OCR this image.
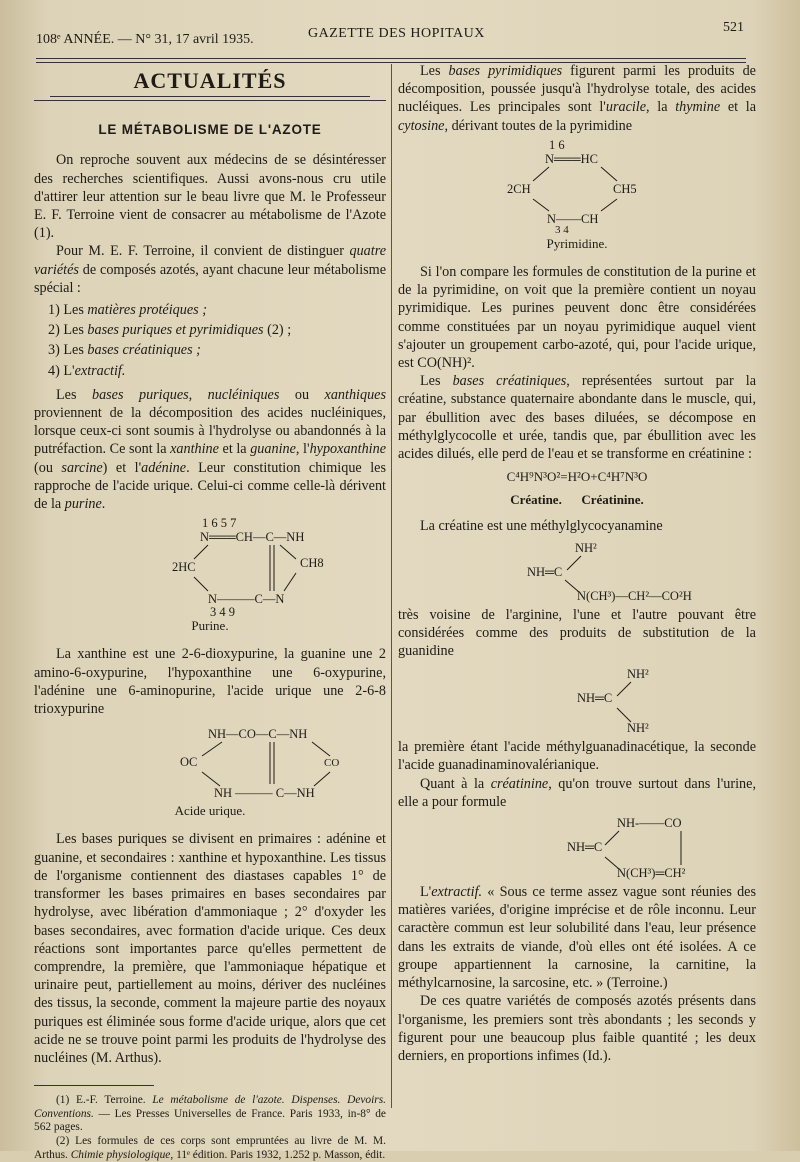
108ᵉ ANNÉE. — N° 31, 17 avril 1935.	GAZETTE DES HOPITAUX	521
ACTUALITÉS
LE MÉTABOLISME DE L'AZOTE

On reproche souvent aux médecins de se désintéresser des recherches scientifiques. Aussi avons-nous cru utile d'attirer leur attention sur le beau livre que M. le Professeur E. F. Terroine vient de consacrer au métabolisme de l'Azote (1).

Pour M. E. F. Terroine, il convient de distinguer quatre variétés de composés azotés, ayant chacune leur métabolisme spécial :

1) Les matières protéiques ;
2) Les bases puriques et pyrimidiques (2) ;
3) Les bases créatiniques ;
4) L'extractif.

Les bases puriques, nucléiniques ou xanthiques proviennent de la décomposition des acides nucléiniques, lorsque ceux-ci sont soumis à l'hydrolyse ou abandonnés à la putréfaction. Ce sont la xanthine et la guanine, l'hypoxanthine (ou sarcine) et l'adénine. Leur constitution chimique les rapproche de l'acide urique. Celui-ci comme celle-là dérivent de la purine.

1 6 5 7
N═══CH—C—NH
2HC	CH8
N———C—N
3 4 9
Purine.

La xanthine est une 2-6-dioxypurine, la guanine une 2 amino-6-oxypurine, l'hypoxanthine une 6-oxypurine, l'adénine une 6-aminopurine, l'acide urique une 2-6-8 trioxypurine

NH—CO—C—NH
OC	CO
NH ——— C—NH
Acide urique.

Les bases puriques se divisent en primaires : adénine et guanine, et secondaires : xanthine et hypoxanthine. Les tissus de l'organisme contiennent des diastases capables 1° de transformer les bases primaires en bases secondaires par hydrolyse, avec libération d'ammoniaque ; 2° d'oxyder les bases secondaires, avec formation d'acide urique. Ces deux réactions sont importantes parce qu'elles permettent de comprendre, la première, que l'ammoniaque hépatique et urinaire peut, partiellement au moins, dériver des nucléines des tissus, la seconde, comment la majeure partie des noyaux puriques est éliminée sous forme d'acide urique, alors que cet acide ne se trouve point parmi les produits de l'hydrolyse des nucléines (M. Arthus).

(1) E.-F. Terroine. Le métabolisme de l'azote. Dispenses. Devoirs. Conventions. — Les Presses Universelles de France. Paris 1933, in-8° de 562 pages.

(2) Les formules de ces corps sont empruntées au livre de M. M. Arthus. Chimie physiologique, 11ᵉ édition. Paris 1932, 1.252 p. Masson, édit.

Les bases pyrimidiques figurent parmi les produits de décomposition, poussée jusqu'à l'hydrolyse totale, des acides nucléiques. Les principales sont l'uracile, la thymine et la cytosine, dérivant toutes de la pyrimidine

1 6
N═══HC
2CH	CH5
N——CH
3 4
Pyrimidine.

Si l'on compare les formules de constitution de la purine et de la pyrimidine, on voit que la première contient un noyau pyrimidique. Les purines peuvent donc être considérées comme constituées par un noyau pyrimidique auquel vient s'ajouter un groupement carbo-azoté, qui, pour l'acide urique, est CO(NH)².

Les bases créatiniques, représentées surtout par la créatine, substance quaternaire abondante dans le muscle, qui, par ébullition avec des bases diluées, se décompose en méthylglycocolle et urée, tandis que, par ébullition avec les acides dilués, elle perd de l'eau et se transforme en créatinine :

C⁴H⁹N³O²=H²O+C⁴H⁷N³O
Créatine.      Créatinine.

La créatine est une méthylglycocyanamine

NH²
NH═C
N(CH³)—CH²—CO²H

très voisine de l'arginine, l'une et l'autre pouvant être considérées comme des produits de substitution de la guanidine

NH²
NH═C
NH²

la première étant l'acide méthylguanadinacétique, la seconde l'acide guanadinaminovalérianique.

Quant à la créatinine, qu'on trouve surtout dans l'urine, elle a pour formule

NH-——CO
NH═C
N(CH³)═CH²

L'extractif. « Sous ce terme assez vague sont réunies des matières variées, d'origine imprécise et de rôle inconnu. Leur caractère commun est leur solubilité dans l'eau, leur présence dans les extraits de viande, d'où elles ont été isolées. A ce groupe appartiennent la carnosine, la carnitine, la méthylcarnosine, la sarcosine, etc. » (Terroine.)

De ces quatre variétés de composés azotés présents dans l'organisme, les premiers sont très abondants ; les seconds y figurent pour une beaucoup plus faible quantité ; les deux derniers, en proportions infimes (Id.).
